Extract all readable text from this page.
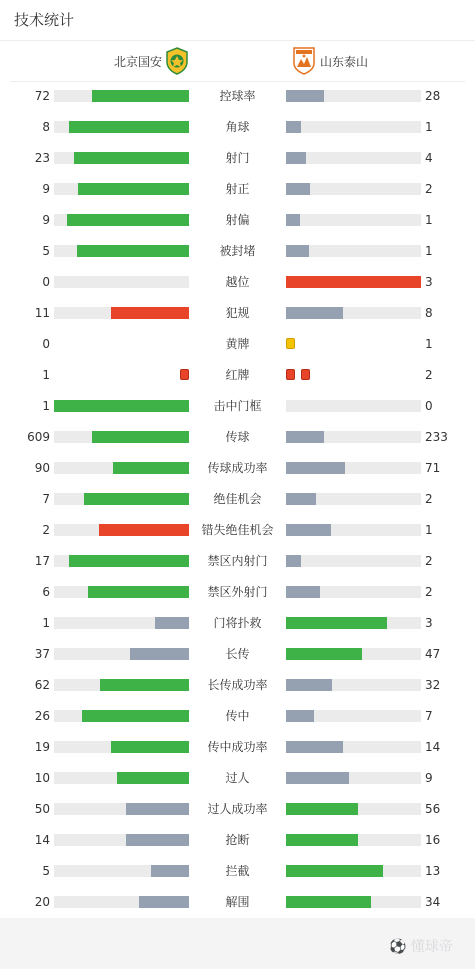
技术统计
北京国安	山东泰山
72	控球率	28
8	角球	1
23	射门	4
9	射正	2
9	射偏	1
5	被封堵	1
0	越位	3
11	犯规	8
0	黄牌	1
1	红牌	2
1	击中门框	0
609	传球	233
90	传球成功率	71
7	绝佳机会	2
2	错失绝佳机会	1
17	禁区内射门	2
6	禁区外射门	2
1	门将扑救	3
37	长传	47
62	长传成功率	32
26	传中	7
19	传中成功率	14
10	过人	9
50	过人成功率	56
14	抢断	16
5	拦截	13
20	解围	34
⚽ 懂球帝
